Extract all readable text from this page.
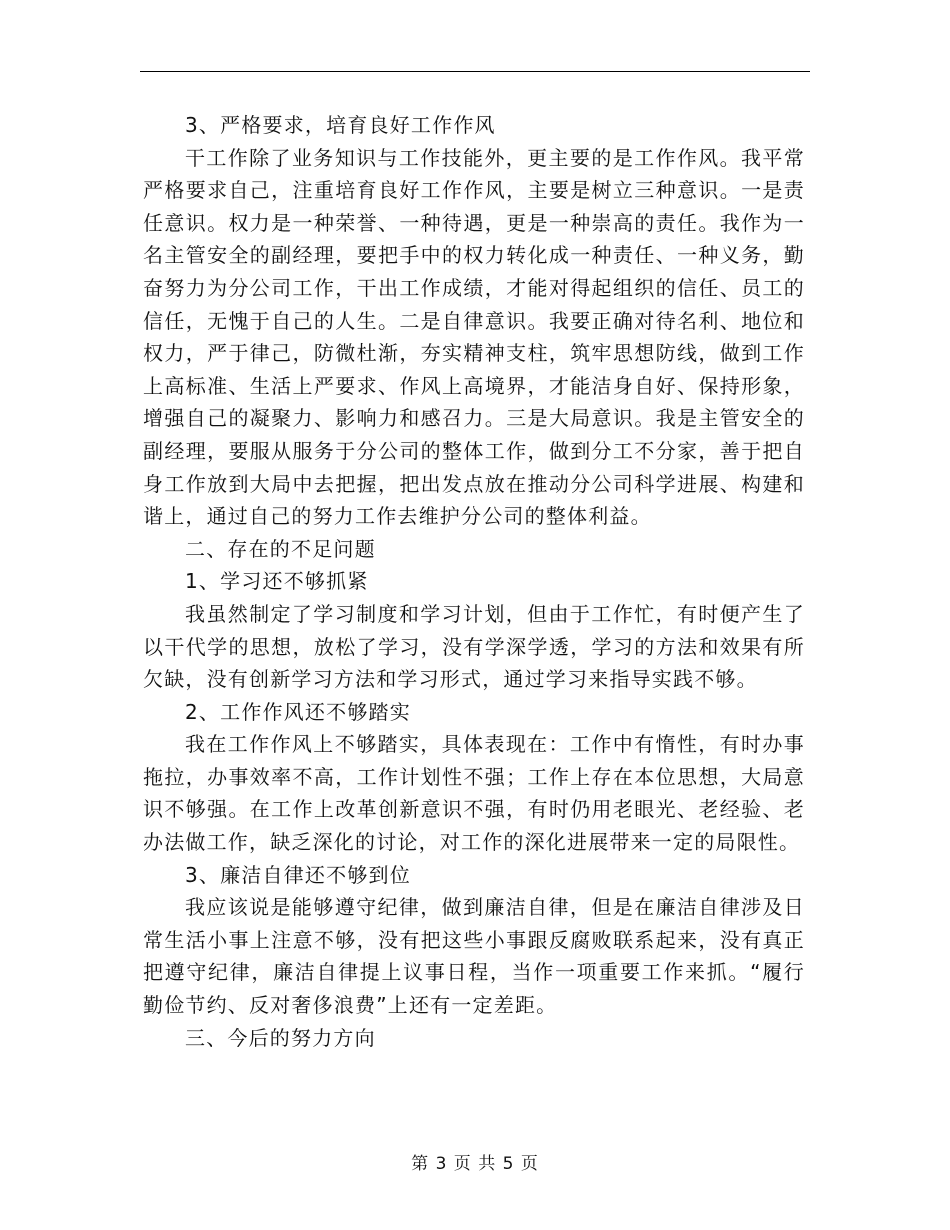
3、严格要求，培育良好工作作风

干工作除了业务知识与工作技能外，更主要的是工作作风。我平常严格要求自己，注重培育良好工作作风，主要是树立三种意识。一是责任意识。权力是一种荣誉、一种待遇，更是一种崇高的责任。我作为一名主管安全的副经理，要把手中的权力转化成一种责任、一种义务，勤奋努力为分公司工作，干出工作成绩，才能对得起组织的信任、员工的信任，无愧于自己的人生。二是自律意识。我要正确对待名利、地位和权力，严于律己，防微杜渐，夯实精神支柱，筑牢思想防线，做到工作上高标准、生活上严要求、作风上高境界，才能洁身自好、保持形象，增强自己的凝聚力、影响力和感召力。三是大局意识。我是主管安全的副经理，要服从服务于分公司的整体工作，做到分工不分家，善于把自身工作放到大局中去把握，把出发点放在推动分公司科学进展、构建和谐上，通过自己的努力工作去维护分公司的整体利益。

二、存在的不足问题

1、学习还不够抓紧

我虽然制定了学习制度和学习计划，但由于工作忙，有时便产生了以干代学的思想，放松了学习，没有学深学透，学习的方法和效果有所欠缺，没有创新学习方法和学习形式，通过学习来指导实践不够。

2、工作作风还不够踏实

我在工作作风上不够踏实，具体表现在：工作中有惰性，有时办事拖拉，办事效率不高，工作计划性不强；工作上存在本位思想，大局意识不够强。在工作上改革创新意识不强，有时仍用老眼光、老经验、老办法做工作，缺乏深化的讨论，对工作的深化进展带来一定的局限性。

3、廉洁自律还不够到位

我应该说是能够遵守纪律，做到廉洁自律，但是在廉洁自律涉及日常生活小事上注意不够，没有把这些小事跟反腐败联系起来，没有真正把遵守纪律，廉洁自律提上议事日程，当作一项重要工作来抓。“履行勤俭节约、反对奢侈浪费”上还有一定差距。

三、今后的努力方向

第 3 页 共 5 页
